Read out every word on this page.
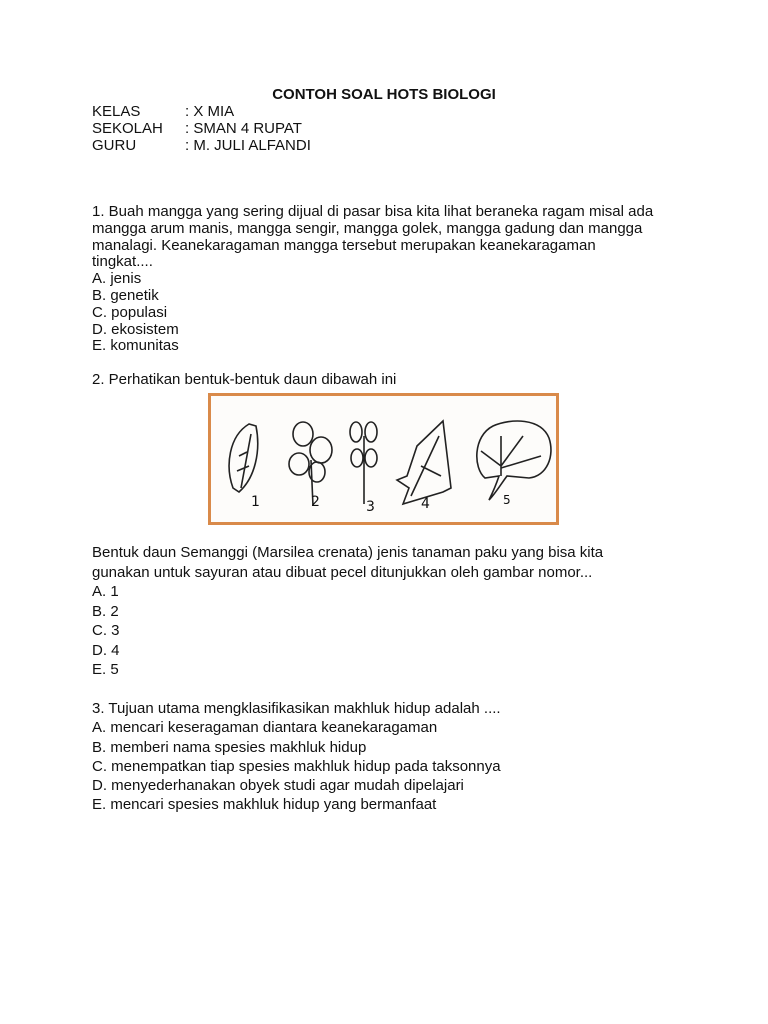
CONTOH SOAL HOTS BIOLOGI
KELAS	: X MIA
SEKOLAH	: SMAN 4 RUPAT
GURU	: M. JULI ALFANDI
1. Buah mangga yang sering dijual di pasar bisa kita lihat beraneka ragam misal ada
mangga arum manis, mangga sengir, mangga golek, mangga gadung dan mangga
manalagi. Keanekaragaman mangga tersebut merupakan keanekaragaman
tingkat....
A. jenis
B. genetik
C. populasi
D. ekosistem
E. komunitas
2. Perhatikan bentuk-bentuk daun dibawah ini
1	2	3	4	5
Bentuk daun Semanggi (Marsilea crenata) jenis tanaman paku yang bisa kita
gunakan untuk sayuran atau dibuat pecel ditunjukkan oleh gambar nomor...
A. 1
B. 2
C. 3
D. 4
E. 5
3. Tujuan utama mengklasifikasikan makhluk hidup adalah ....
A. mencari keseragaman diantara keanekaragaman
B. memberi nama spesies makhluk hidup
C. menempatkan tiap spesies makhluk hidup pada taksonnya
D. menyederhanakan obyek studi agar mudah dipelajari
E. mencari spesies makhluk hidup yang bermanfaat
